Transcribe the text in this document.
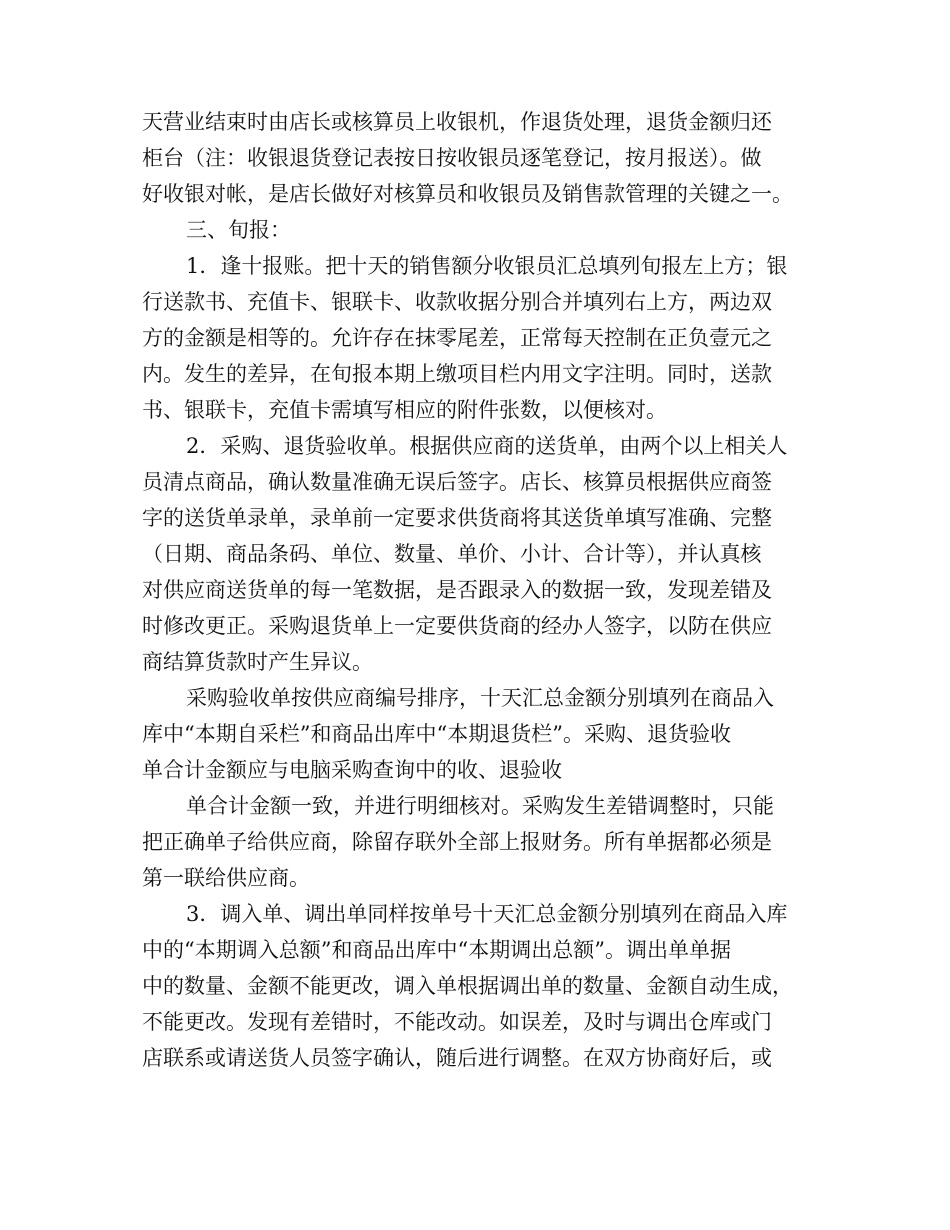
天营业结束时由店长或核算员上收银机，作退货处理，退货金额归还
柜台（注：收银退货登记表按日按收银员逐笔登记，按月报送）。做
好收银对帐，是店长做好对核算员和收银员及销售款管理的关键之一。
三、旬报：
1．逢十报账。把十天的销售额分收银员汇总填列旬报左上方；银
行送款书、充值卡、银联卡、收款收据分别合并填列右上方，两边双
方的金额是相等的。允许存在抹零尾差，正常每天控制在正负壹元之
内。发生的差异，在旬报本期上缴项目栏内用文字注明。同时，送款
书、银联卡，充值卡需填写相应的附件张数，以便核对。
2．采购、退货验收单。根据供应商的送货单，由两个以上相关人
员清点商品，确认数量准确无误后签字。店长、核算员根据供应商签
字的送货单录单，录单前一定要求供货商将其送货单填写准确、完整
（日期、商品条码、单位、数量、单价、小计、合计等），并认真核
对供应商送货单的每一笔数据，是否跟录入的数据一致，发现差错及
时修改更正。采购退货单上一定要供货商的经办人签字，以防在供应
商结算货款时产生异议。
采购验收单按供应商编号排序，十天汇总金额分别填列在商品入
库中“本期自采栏”和商品出库中“本期退货栏”。采购、退货验收
单合计金额应与电脑采购查询中的收、退验收
单合计金额一致，并进行明细核对。采购发生差错调整时，只能
把正确单子给供应商，除留存联外全部上报财务。所有单据都必须是
第一联给供应商。
3．调入单、调出单同样按单号十天汇总金额分别填列在商品入库
中的“本期调入总额”和商品出库中“本期调出总额”。调出单单据
中的数量、金额不能更改，调入单根据调出单的数量、金额自动生成，
不能更改。发现有差错时，不能改动。如误差，及时与调出仓库或门
店联系或请送货人员签字确认，随后进行调整。在双方协商好后，或
